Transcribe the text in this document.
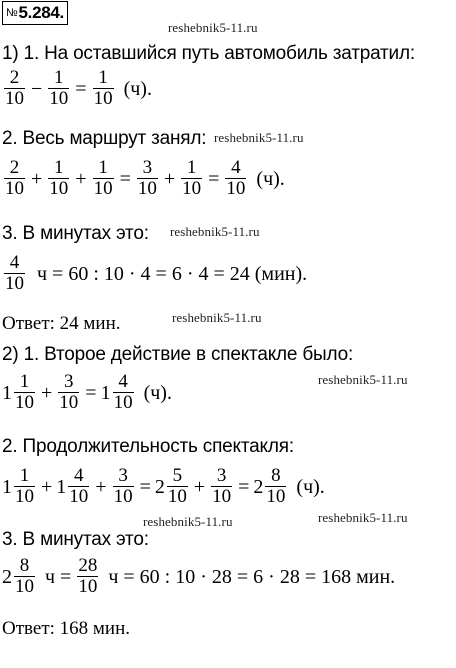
№5.284.
reshebnik5-11.ru
reshebnik5-11.ru
reshebnik5-11.ru
reshebnik5-11.ru
reshebnik5-11.ru
reshebnik5-11.ru	reshebnik5-11.ru
1) 1. На оставшийся путь автомобиль затратил:
$\frac{2}{10} - \frac{1}{10} = \frac{1}{10} (ч)$.
2. Весь маршрут занял:
$\frac{2}{10} + \frac{1}{10} + \frac{1}{10} = \frac{3}{10} + \frac{1}{10} = \frac{4}{10} (ч)$.
3. В минутах это:
$\frac{4}{10}$ ч = 60 : 10 · 4 = 6 · 4 = 24 (мин).
Ответ: 24 мин.
2) 1. Второе действие в спектакле было:
$1 \frac{1}{10} + \frac{3}{10} = 1 \frac{4}{10} (ч)$.
2. Продолжительность спектакля:
$1 \frac{1}{10} + 1 \frac{4}{10} + \frac{3}{10} = 2 \frac{5}{10} + \frac{3}{10} = 2 \frac{8}{10} (ч)$.
3. В минутах это:
$2 \frac{8}{10}$ $ч = \frac{28}{10}$ ч = 60 : 10 · 28 = 6 · 28 = 168 мин.
Ответ: 168 мин.
